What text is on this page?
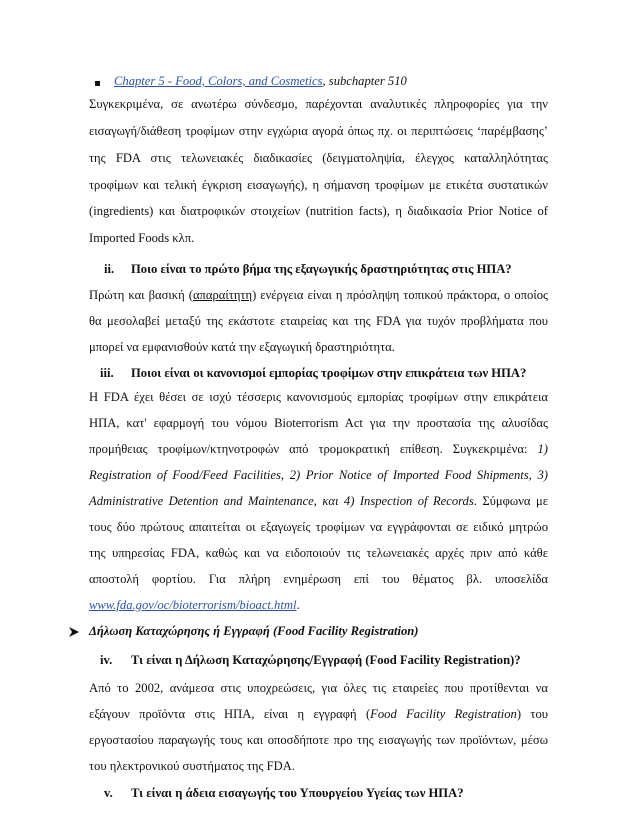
Chapter 5 - Food, Colors, and Cosmetics, subchapter 510
Συγκεκριμένα, σε ανωτέρω σύνδεσμο, παρέχονται αναλυτικές πληροφορίες για την
εισαγωγή/διάθεση τροφίμων στην εγχώρια αγορά όπως πχ. οι περιπτώσεις ‘παρέμβασης’
της FDA στις τελωνειακές διαδικασίες (δειγματοληψία, έλεγχος καταλληλότητας
τροφίμων και τελική έγκριση εισαγωγής), η σήμανση τροφίμων με ετικέτα συστατικών
(ingredients) και διατροφικών στοιχείων (nutrition facts), η διαδικασία Prior Notice of
Imported Foods κλπ.
ii. Ποιο είναι το πρώτο βήμα της εξαγωγικής δραστηριότητας στις ΗΠΑ?
Πρώτη και βασική (απαραίτητη) ενέργεια είναι η πρόσληψη τοπικού πράκτορα, ο οποίος
θα μεσολαβεί μεταξύ της εκάστοτε εταιρείας και της FDA για τυχόν προβλήματα που
μπορεί να εμφανισθούν κατά την εξαγωγική δραστηριότητα.
iii. Ποιοι είναι οι κανονισμοί εμπορίας τροφίμων στην επικράτεια των ΗΠΑ?
Η FDA έχει θέσει σε ισχύ τέσσερις κανονισμούς εμπορίας τροφίμων στην επικράτεια
ΗΠΑ, κατ' εφαρμογή του νόμου Bioterrorism Act για την προστασία της αλυσίδας
προμήθειας τροφίμων/κτηνοτροφών από τρομοκρατική επίθεση. Συγκεκριμένα: 1)
Registration of Food/Feed Facilities, 2) Prior Notice of Imported Food Shipments, 3)
Administrative Detention and Maintenance, και 4) Inspection of Records. Σύμφωνα με
τους δύο πρώτους απαιτείται οι εξαγωγείς τροφίμων να εγγράφονται σε ειδικό μητρώο
της υπηρεσίας FDA, καθώς και να ειδοποιούν τις τελωνειακές αρχές πριν από κάθε
αποστολή φορτίου. Για πλήρη ενημέρωση επί του θέματος βλ. υποσελίδα
www.fda.gov/oc/bioterrorism/bioact.html.
Δήλωση Καταχώρησης ή Εγγραφή (Food Facility Registration)
iv. Τι είναι η Δήλωση Καταχώρησης/Εγγραφή (Food Facility Registration)?
Από το 2002, ανάμεσα στις υποχρεώσεις, για όλες τις εταιρείες που προτίθενται να
εξάγουν προϊόντα στις ΗΠΑ, είναι η εγγραφή (Food Facility Registration) του
εργοστασίου παραγωγής τους και οποσδήποτε προ της εισαγωγής των προϊόντων, μέσω
του ηλεκτρονικού συστήματος της FDA.
v. Τι είναι η άδεια εισαγωγής του Υπουργείου Υγείας των ΗΠΑ?
